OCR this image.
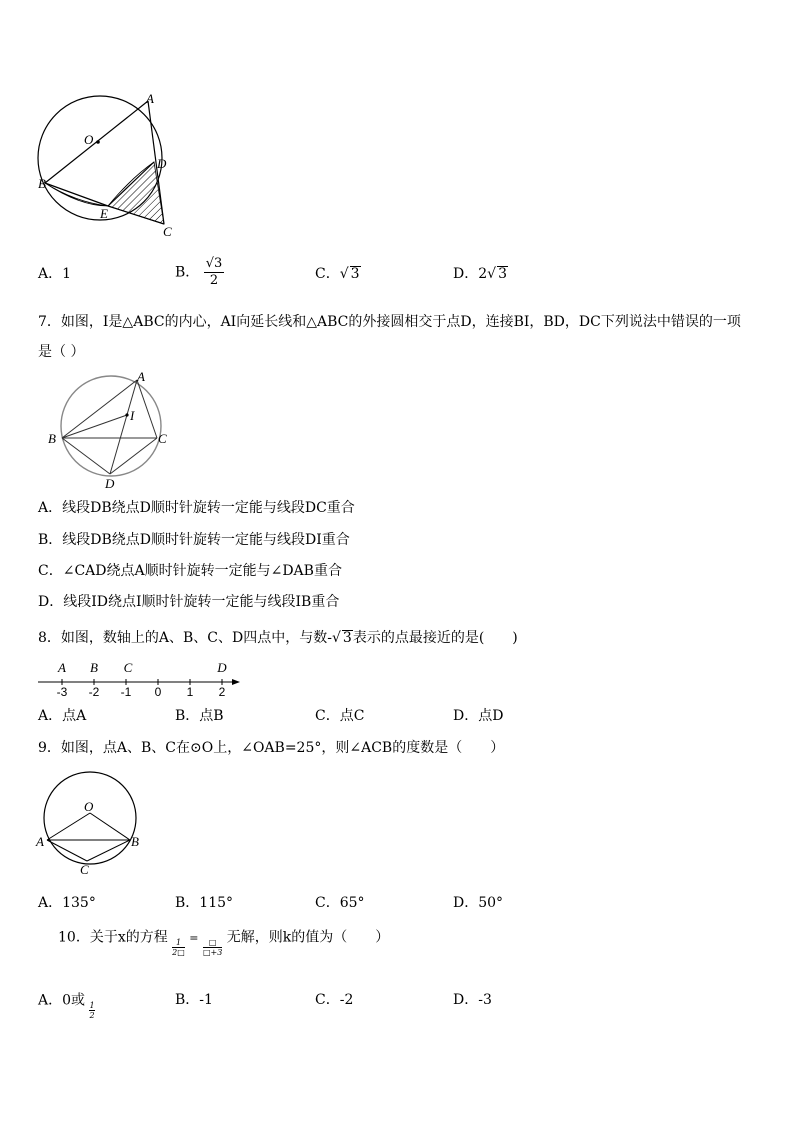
A
O
D
B
E
C
A．1	B． $\frac{√3}{2}$	C．√ 3	D．2√ 3
7．如图，I是△ABC的内心，AI向延长线和△ABC的外接圆相交于点D，连接BI，BD，DC下列说法中错误的一项
是（ ）
A
I
B	C
D
A．线段DB绕点D顺时针旋转一定能与线段DC重合
B．线段DB绕点D顺时针旋转一定能与线段DI重合
C．∠CAD绕点A顺时针旋转一定能与∠DAB重合
D．线段ID绕点I顺时针旋转一定能与线段IB重合
8．如图，数轴上的A、B、C、D四点中，与数-√ 3表示的点最接近的是(　　)
-3 -2 -1 0 1 2
A B C	D
A．点A	B．点B	C．点C	D．点D
9．如图，点A、B、C在⊙O上，∠OAB=25°，则∠ACB的度数是（　　）
O
A	B
C
A．135°	B．115°	C．65°	D．50°
10．关于x的方程
$\frac{1}{2□} = \frac{□}{□+3}$
无解，则k的值为（　　）
A．0或
$\frac{1}{2}$
B．-1	C．-2	D．-3
